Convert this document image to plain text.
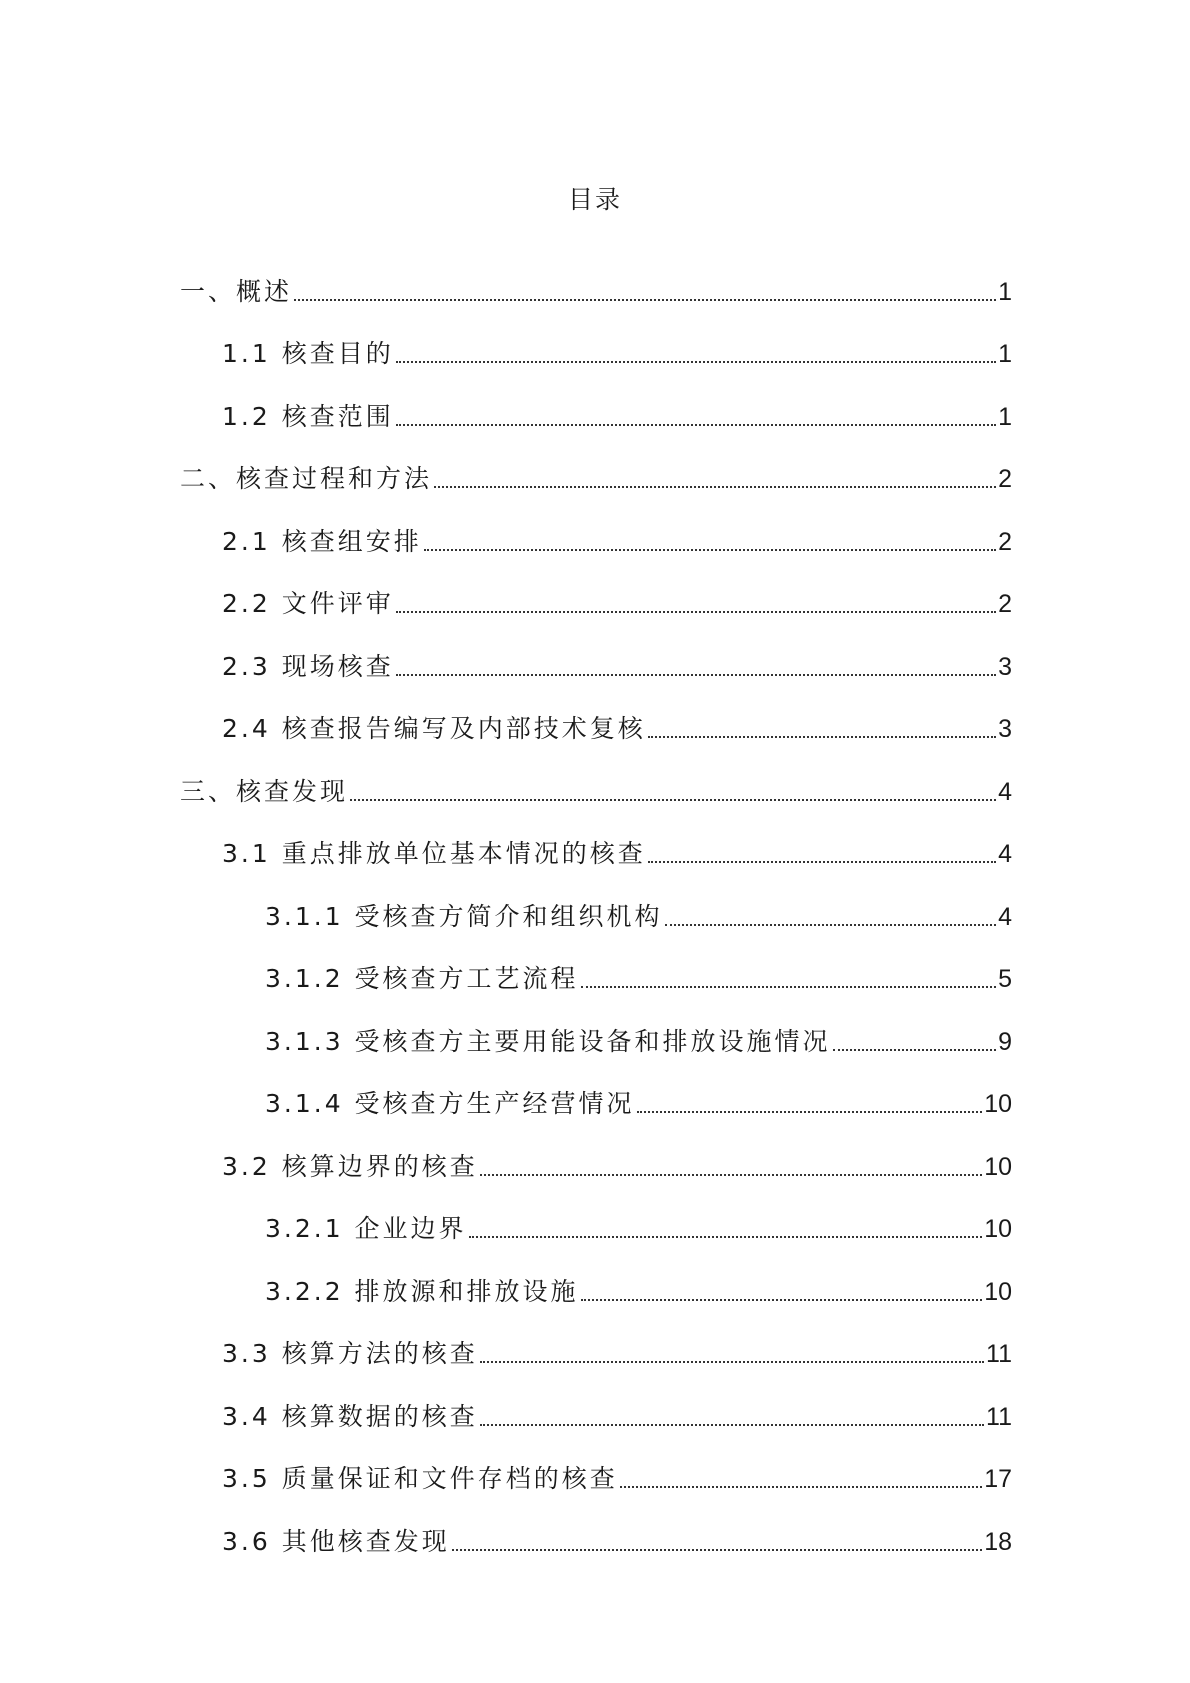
目录
一、概述	1
1.1 核查目的	1
1.2 核查范围	1
二、核查过程和方法	2
2.1 核查组安排	2
2.2 文件评审	2
2.3 现场核查	3
2.4 核查报告编写及内部技术复核	3
三、核查发现	4
3.1 重点排放单位基本情况的核查	4
3.1.1 受核查方简介和组织机构	4
3.1.2 受核查方工艺流程	5
3.1.3 受核查方主要用能设备和排放设施情况	9
3.1.4 受核查方生产经营情况	10
3.2 核算边界的核查	10
3.2.1 企业边界	10
3.2.2 排放源和排放设施	10
3.3 核算方法的核查	11
3.4 核算数据的核查	11
3.5 质量保证和文件存档的核查	17
3.6 其他核查发现	18
